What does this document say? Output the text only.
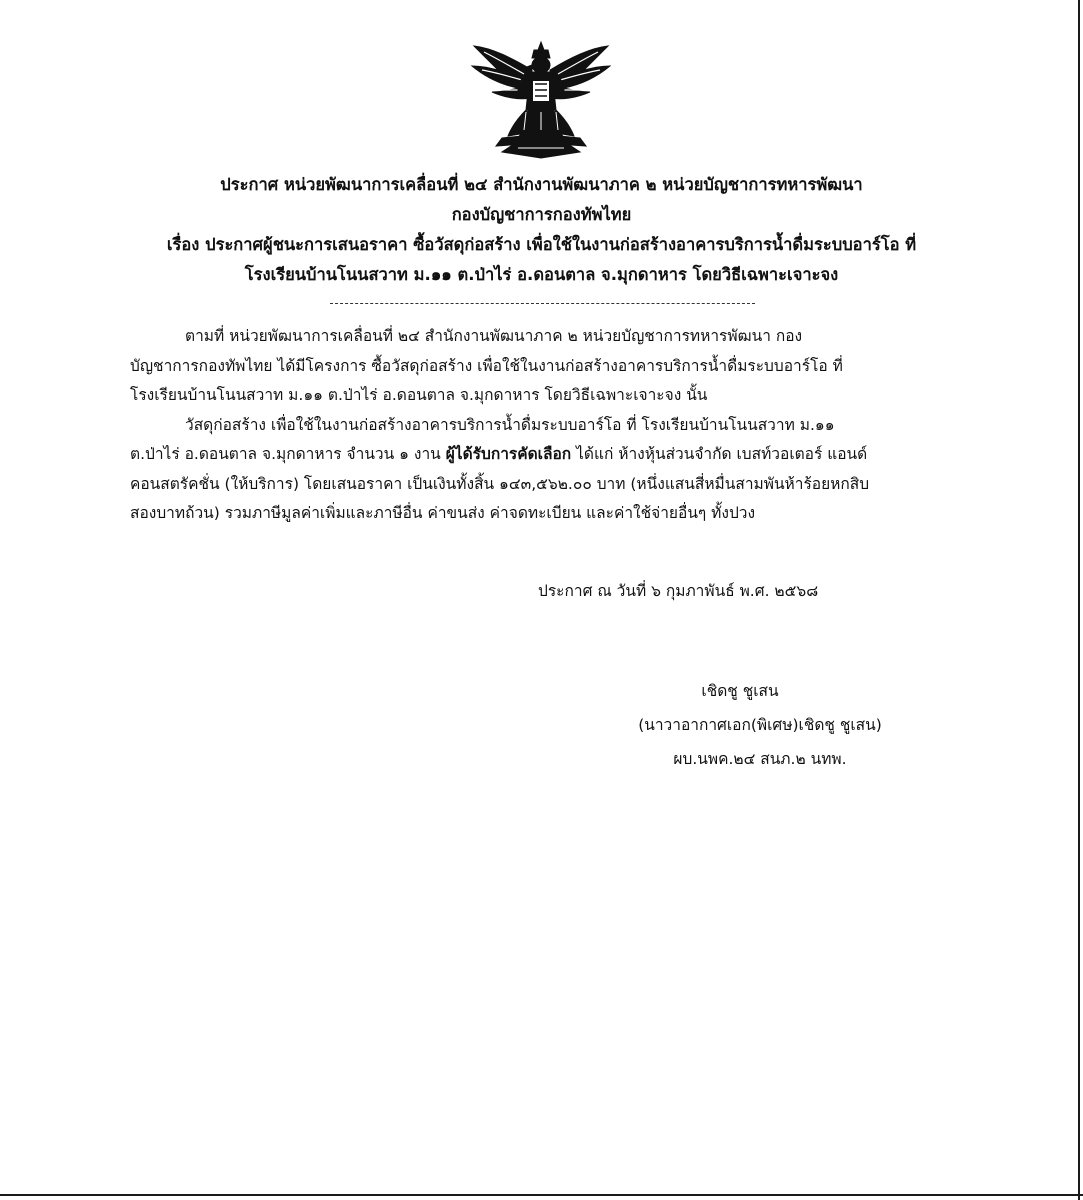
ประกาศ หน่วยพัฒนาการเคลื่อนที่ ๒๔ สำนักงานพัฒนาภาค ๒ หน่วยบัญชาการทหารพัฒนา
กองบัญชาการกองทัพไทย
เรื่อง ประกาศผู้ชนะการเสนอราคา ซื้อวัสดุก่อสร้าง เพื่อใช้ในงานก่อสร้างอาคารบริการน้ำดื่มระบบอาร์โอ ที่
โรงเรียนบ้านโนนสวาท ม.๑๑ ต.ป่าไร่ อ.ดอนตาล จ.มุกดาหาร โดยวิธีเฉพาะเจาะจง
ตามที่ หน่วยพัฒนาการเคลื่อนที่ ๒๔ สำนักงานพัฒนาภาค ๒ หน่วยบัญชาการทหารพัฒนา กอง
บัญชาการกองทัพไทย ได้มีโครงการ ซื้อวัสดุก่อสร้าง เพื่อใช้ในงานก่อสร้างอาคารบริการน้ำดื่มระบบอาร์โอ ที่
โรงเรียนบ้านโนนสวาท ม.๑๑ ต.ป่าไร่ อ.ดอนตาล จ.มุกดาหาร โดยวิธีเฉพาะเจาะจง นั้น
วัสดุก่อสร้าง เพื่อใช้ในงานก่อสร้างอาคารบริการน้ำดื่มระบบอาร์โอ ที่ โรงเรียนบ้านโนนสวาท ม.๑๑
ต.ป่าไร่ อ.ดอนตาล จ.มุกดาหาร จำนวน ๑ งาน ผู้ได้รับการคัดเลือก ได้แก่ ห้างหุ้นส่วนจำกัด เบสท์วอเตอร์ แอนด์
คอนสตรัคชั่น (ให้บริการ) โดยเสนอราคา เป็นเงินทั้งสิ้น ๑๔๓,๕๖๒.๐๐ บาท (หนึ่งแสนสี่หมื่นสามพันห้าร้อยหกสิบ
สองบาทถ้วน) รวมภาษีมูลค่าเพิ่มและภาษีอื่น ค่าขนส่ง ค่าจดทะเบียน และค่าใช้จ่ายอื่นๆ ทั้งปวง
ประกาศ ณ วันที่ ๖ กุมภาพันธ์ พ.ศ. ๒๕๖๘
เชิดชู ชูเสน
(นาวาอากาศเอก(พิเศษ)เชิดชู ชูเสน)
ผบ.นพค.๒๔ สนภ.๒ นทพ.
